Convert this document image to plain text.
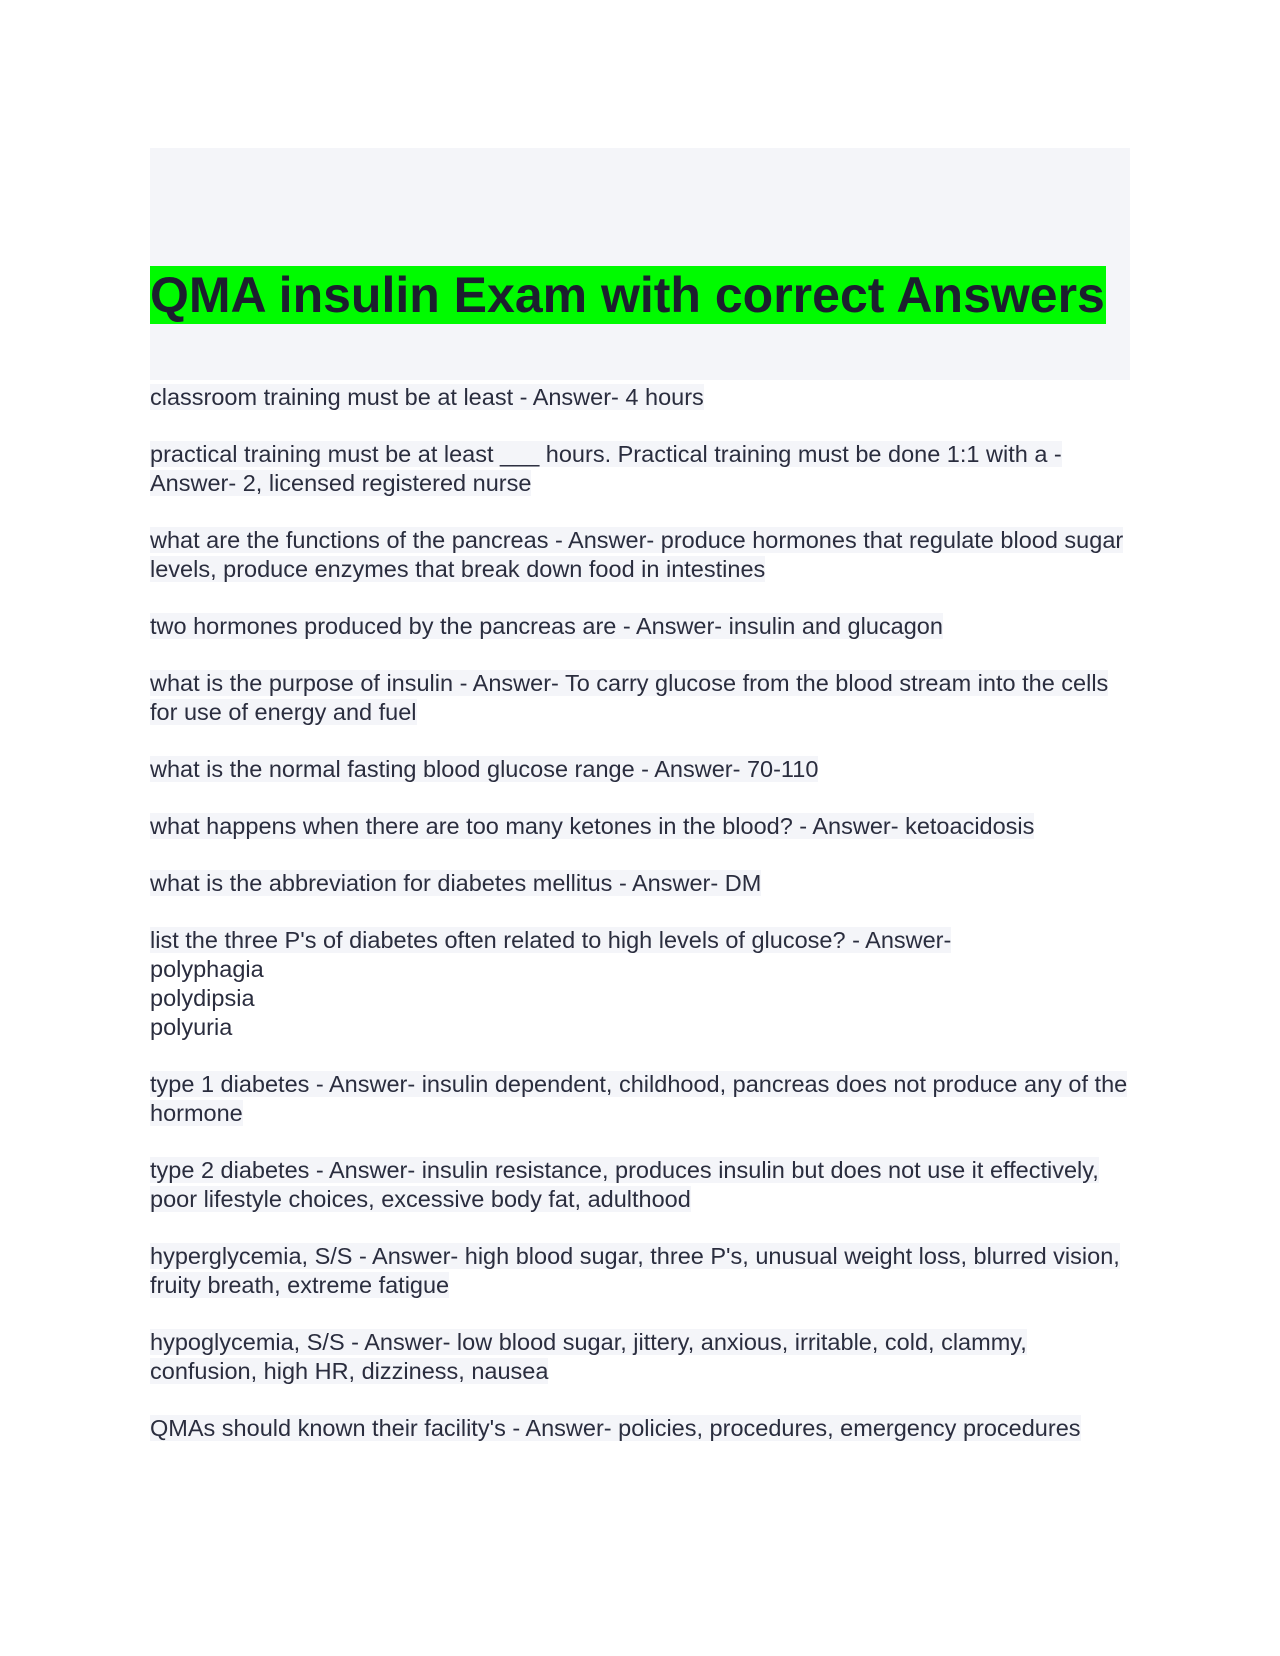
QMA insulin Exam with correct Answers
classroom training must be at least - Answer- 4 hours
practical training must be at least ___ hours. Practical training must be done 1:1 with a - Answer- 2, licensed registered nurse
what are the functions of the pancreas - Answer- produce hormones that regulate blood sugar levels, produce enzymes that break down food in intestines
two hormones produced by the pancreas are - Answer- insulin and glucagon
what is the purpose of insulin - Answer- To carry glucose from the blood stream into the cells for use of energy and fuel
what is the normal fasting blood glucose range - Answer- 70-110
what happens when there are too many ketones in the blood? - Answer- ketoacidosis
what is the abbreviation for diabetes mellitus - Answer- DM
list the three P's of diabetes often related to high levels of glucose? - Answer-
polyphagia
polydipsia
polyuria
type 1 diabetes - Answer- insulin dependent, childhood, pancreas does not produce any of the hormone
type 2 diabetes - Answer- insulin resistance, produces insulin but does not use it effectively, poor lifestyle choices, excessive body fat, adulthood
hyperglycemia, S/S - Answer- high blood sugar, three P's, unusual weight loss, blurred vision, fruity breath, extreme fatigue
hypoglycemia, S/S - Answer- low blood sugar, jittery, anxious, irritable, cold, clammy, confusion, high HR, dizziness, nausea
QMAs should known their facility's - Answer- policies, procedures, emergency procedures
